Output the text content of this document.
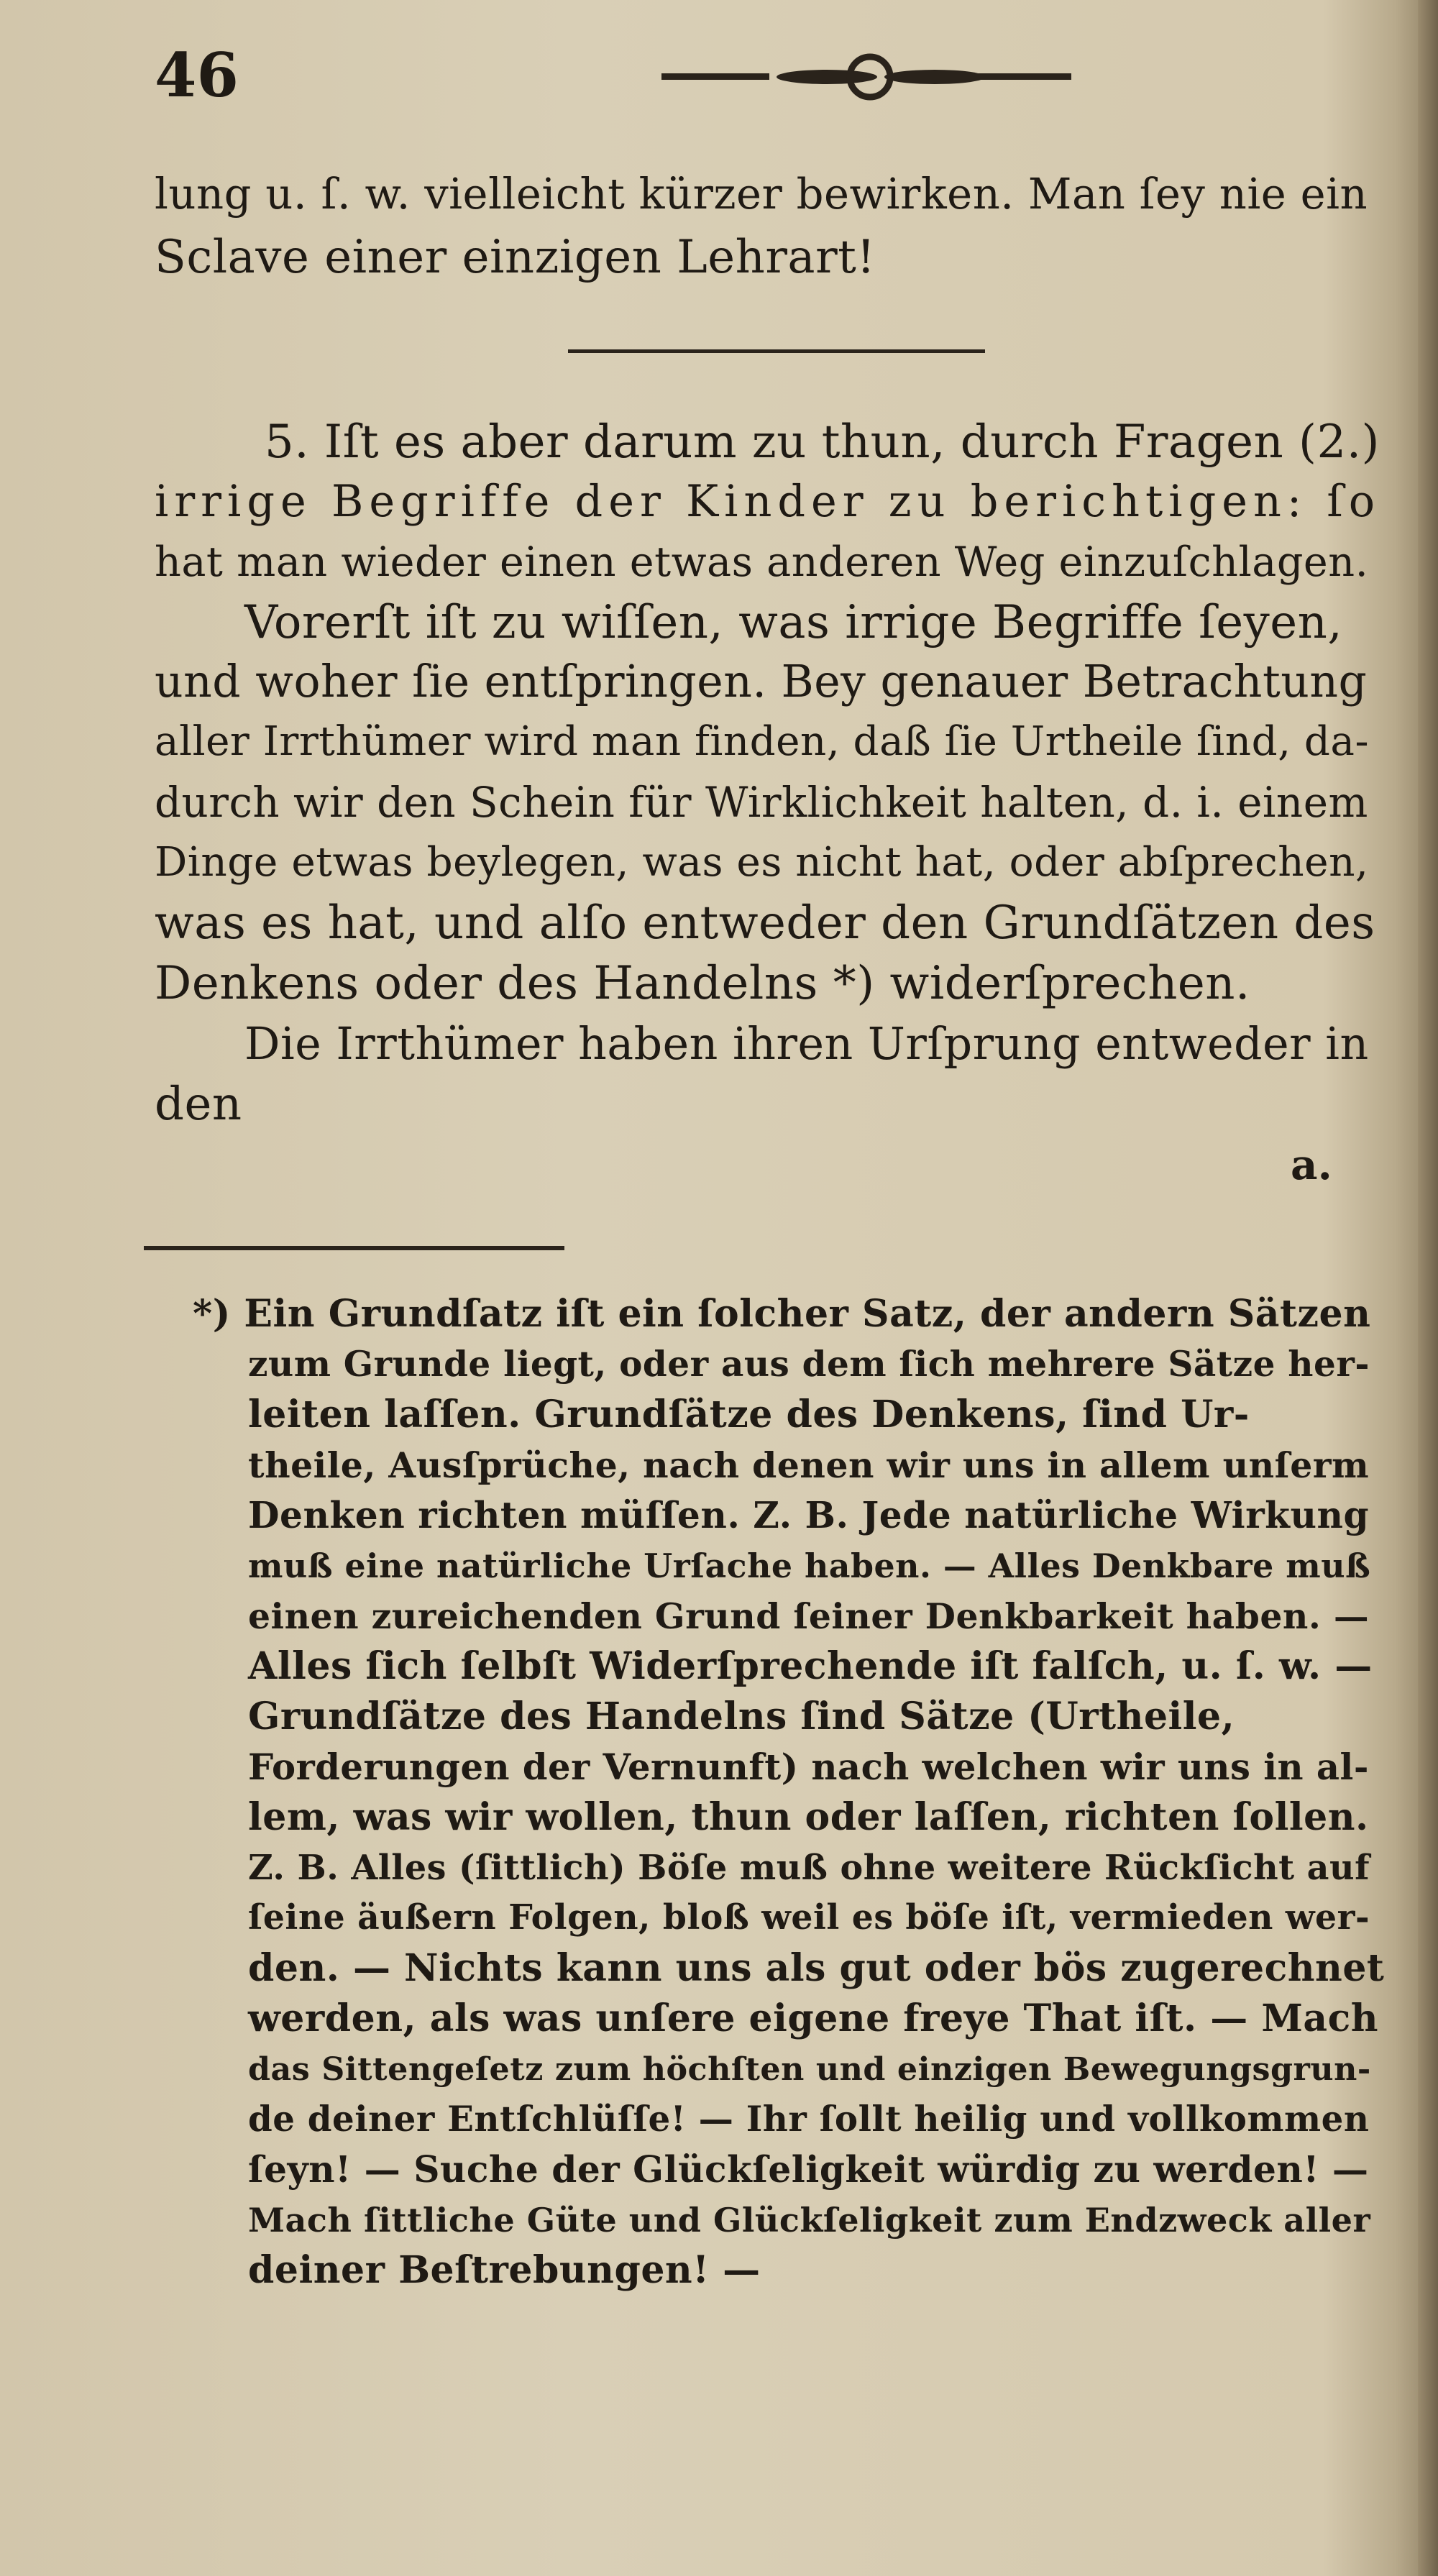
46
lung u. ſ. w. vielleicht kürzer bewirken. Man ſey nie ein
Sclave einer einzigen Lehrart!
5. Iſt es aber darum zu thun, durch Fragen (2.)
irrige Begriffe der Kinder zu berichtigen: ſo
hat man wieder einen etwas anderen Weg einzuſchlagen.
Vorerſt iſt zu wiſſen, was irrige Begriffe ſeyen,
und woher ſie entſpringen. Bey genauer Betrachtung
aller Irrthümer wird man finden, daß ſie Urtheile ſind, da-
durch wir den Schein für Wirklichkeit halten, d. i. einem
Dinge etwas beylegen, was es nicht hat, oder abſprechen,
was es hat, und alſo entweder den Grundſätzen des
Denkens oder des Handelns *) widerſprechen.
Die Irrthümer haben ihren Urſprung entweder in
den
a.
*) Ein Grundſatz iſt ein ſolcher Satz, der andern Sätzen
zum Grunde liegt, oder aus dem ſich mehrere Sätze her-
leiten laſſen. Grundſätze des Denkens, ſind Ur-
theile, Ausſprüche, nach denen wir uns in allem unſerm
Denken richten müſſen. Z. B. Jede natürliche Wirkung
muß eine natürliche Urſache haben. — Alles Denkbare muß
einen zureichenden Grund ſeiner Denkbarkeit haben. —
Alles ſich ſelbſt Widerſprechende iſt falſch, u. ſ. w. —
Grundſätze des Handelns ſind Sätze (Urtheile,
Forderungen der Vernunft) nach welchen wir uns in al-
lem, was wir wollen, thun oder laſſen, richten ſollen.
Z. B. Alles (ſittlich) Böſe muß ohne weitere Rückſicht auf
ſeine äußern Folgen, bloß weil es böſe iſt, vermieden wer-
den. — Nichts kann uns als gut oder bös zugerechnet
werden, als was unſere eigene freye That iſt. — Mach
das Sittengeſetz zum höchſten und einzigen Bewegungsgrun-
de deiner Entſchlüſſe! — Ihr ſollt heilig und vollkommen
ſeyn! — Suche der Glückſeligkeit würdig zu werden! —
Mach ſittliche Güte und Glückſeligkeit zum Endzweck aller
deiner Beſtrebungen! —
